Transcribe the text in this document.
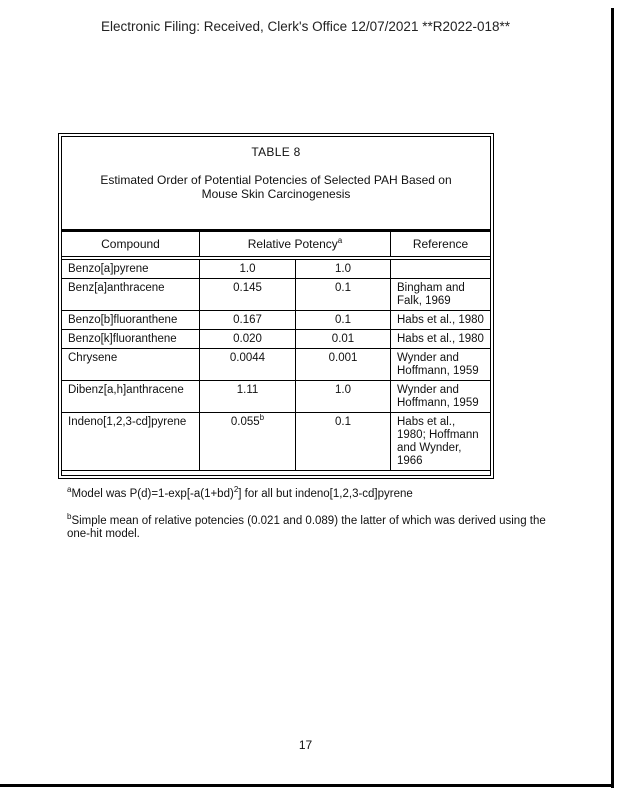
Electronic Filing: Received, Clerk's Office 12/07/2021 **R2022-018**
TABLE 8
Estimated Order of Potential Potencies of Selected PAH Based on Mouse Skin Carcinogenesis
Compound	Relative Potency$^a$		Reference

Benzo[a]pyrene	1.0	1.0	
Benz[a]anthracene	0.145	0.1	Bingham and Falk, 1969
Benzo[b]fluoranthene	0.167	0.1	Habs et al., 1980
Benzo[k]fluoranthene	0.020	0.01	Habs et al., 1980
Chrysene	0.0044	0.001	Wynder and Hoffmann, 1959
Dibenz[a,h]anthracene	1.11	1.0	Wynder and Hoffmann, 1959
Indeno[1,2,3-cd]pyrene	0.055$^b$	0.1	Habs et al., 1980; Hoffmann and Wynder, 1966
$^a$Model was $P(d)=1-\exp[-a(1+bd)^2]$ for all but indeno[1,2,3-cd]pyrene
$^b$Simple mean of relative potencies (0.021 and 0.089) the latter of which was derived using the one-hit model.
17
